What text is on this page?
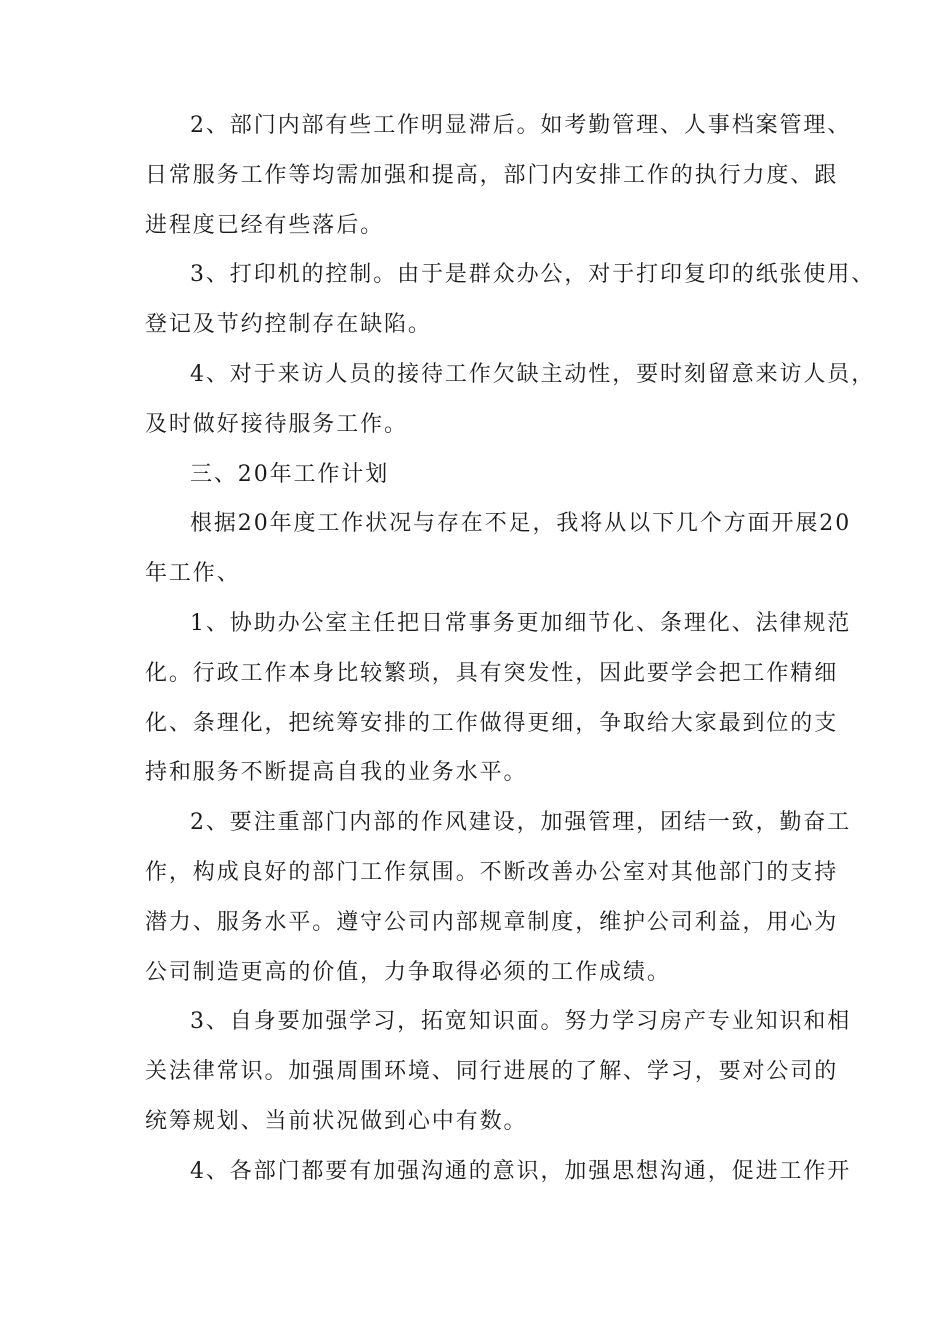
2、部门内部有些工作明显滞后。如考勤管理、人事档案管理、
日常服务工作等均需加强和提高，部门内安排工作的执行力度、跟
进程度已经有些落后。
3、打印机的控制。由于是群众办公，对于打印复印的纸张使用、
登记及节约控制存在缺陷。
4、对于来访人员的接待工作欠缺主动性，要时刻留意来访人员，
及时做好接待服务工作。
三、20年工作计划
根据20年度工作状况与存在不足，我将从以下几个方面开展20
年工作、
1、协助办公室主任把日常事务更加细节化、条理化、法律规范
化。行政工作本身比较繁琐，具有突发性，因此要学会把工作精细
化、条理化，把统筹安排的工作做得更细，争取给大家最到位的支
持和服务不断提高自我的业务水平。
2、要注重部门内部的作风建设，加强管理，团结一致，勤奋工
作，构成良好的部门工作氛围。不断改善办公室对其他部门的支持
潜力、服务水平。遵守公司内部规章制度，维护公司利益，用心为
公司制造更高的价值，力争取得必须的工作成绩。
3、自身要加强学习，拓宽知识面。努力学习房产专业知识和相
关法律常识。加强周围环境、同行进展的了解、学习，要对公司的
统筹规划、当前状况做到心中有数。
4、各部门都要有加强沟通的意识，加强思想沟通，促进工作开
